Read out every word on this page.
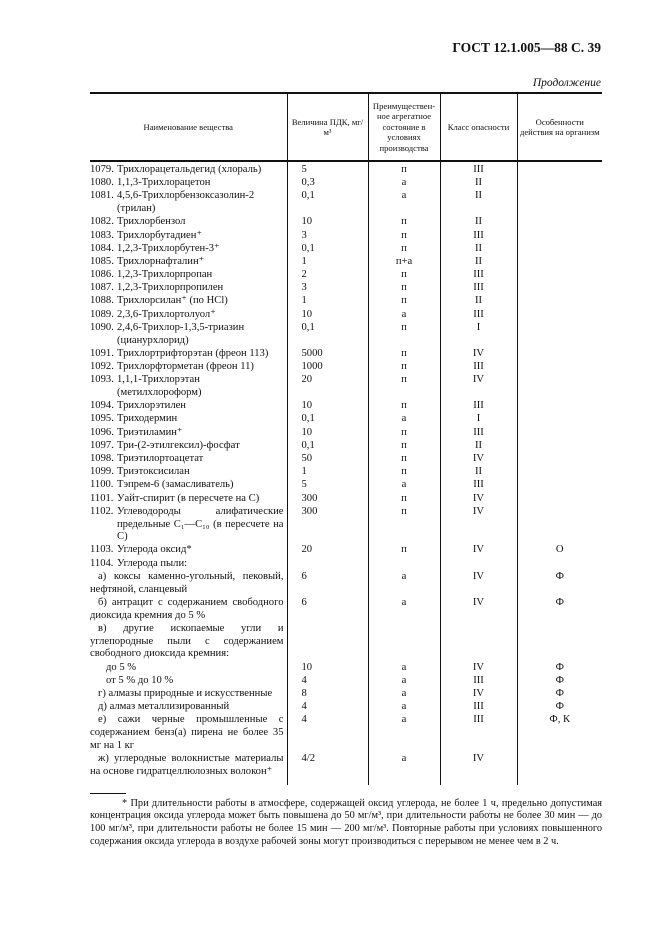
ГОСТ 12.1.005—88 С. 39
Продолжение
Наименование вещества	Величина ПДК, мг/м³	Преимущественное агрегатное состояние в условиях производства	Класс опасности	Особенности действия на организм

1079. Трихлорацетальдегид (хлораль)	5	п	III	

1080. 1,1,3-Трихлорацетон	0,3	а	II	

1081. 4,5,6-Трихлорбензоксазолин-2 (трилан)	0,1	а	II	

1082. Трихлорбензол	10	п	II	

1083. Трихлорбутадиен⁺	3	п	III	

1084. 1,2,3-Трихлорбутен-3⁺	0,1	п	II	

1085. Трихлорнафталин⁺	1	п+а	II	

1086. 1,2,3-Трихлорпропан	2	п	III	

1087. 1,2,3-Трихлорпропилен	3	п	III	

1088. Трихлорсилан⁺ (по HCl)	1	п	II	

1089. 2,3,6-Трихлортолуол⁺	10	а	III	

1090. 2,4,6-Трихлор-1,3,5-триазин (цианурхлорид)	0,1	п	I	

1091. Трихлортрифторэтан (фреон 113)	5000	п	IV	

1092. Трихлорфторметан (фреон 11)	1000	п	III	

1093. 1,1,1-Трихлорэтан (метилхлороформ)	20	п	IV	

1094. Трихлорэтилен	10	п	III	

1095. Триходермин	0,1	а	I	

1096. Триэтиламин⁺	10	п	III	

1097. Три-(2-этилгексил)-фосфат	0,1	п	II	

1098. Триэтилортоацетат	50	п	IV	

1099. Триэтоксисилан	1	п	II	

1100. Тэпрем-6 (замасливатель)	5	а	III	

1101. Уайт-спирит (в пересчете на С)	300	п	IV	

1102. Углеводороды алифатические предельные С₁—С₁₀ (в пересчете на С)	300	п	IV	

1103. Углерода оксид*	20	п	IV	О

1104. Углерода пыли:				

а) коксы каменно-угольный, пековый, нефтяной, сланцевый	6	а	IV	Ф

б) антрацит с содержанием свободного диоксида кремния до 5 %	6	а	IV	Ф

в) другие ископаемые угли и углепородные пыли с содержанием свободного диоксида кремния:				

до 5 %	10	а	IV	Ф

от 5 % до 10 %	4	а	III	Ф

г) алмазы природные и искусственные	8	а	IV	Ф

д) алмаз металлизированный	4	а	III	Ф

е) сажи черные промышленные с содержанием бенз(а) пирена не более 35 мг на 1 кг	4	а	III	Ф, К

ж) углеродные волокнистые материалы на основе гидратцеллюлозных волокон⁺	4/2	а	IV	
* При длительности работы в атмосфере, содержащей оксид углерода, не более 1 ч, предельно допустимая концентрация оксида углерода может быть повышена до 50 мг/м³, при длительности работы не более 30 мин — до 100 мг/м³, при длительности работы не более 15 мин — 200 мг/м³. Повторные работы при условиях повышенного содержания оксида углерода в воздухе рабочей зоны могут производиться с перерывом не менее чем в 2 ч.
